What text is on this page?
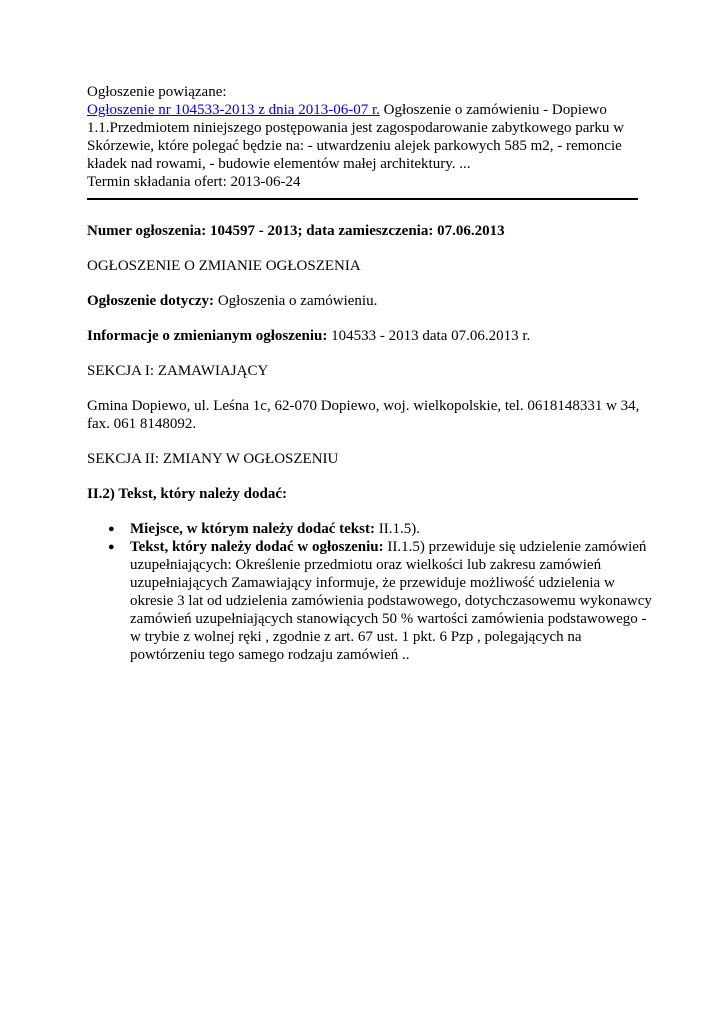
Ogłoszenie powiązane:
Ogłoszenie nr 104533-2013 z dnia 2013-06-07 r. Ogłoszenie o zamówieniu - Dopiewo
1.1.Przedmiotem niniejszego postępowania jest zagospodarowanie zabytkowego parku w
Skórzewie, które polegać będzie na: - utwardzeniu alejek parkowych 585 m2, - remoncie
kładek nad rowami, - budowie elementów małej architektury. ...
Termin składania ofert: 2013-06-24
Numer ogłoszenia: 104597 - 2013; data zamieszczenia: 07.06.2013
OGŁOSZENIE O ZMIANIE OGŁOSZENIA
Ogłoszenie dotyczy: Ogłoszenia o zamówieniu.
Informacje o zmienianym ogłoszeniu: 104533 - 2013 data 07.06.2013 r.
SEKCJA I: ZAMAWIAJĄCY
Gmina Dopiewo, ul. Leśna 1c, 62-070 Dopiewo, woj. wielkopolskie, tel. 0618148331 w 34,
fax. 061 8148092.
SEKCJA II: ZMIANY W OGŁOSZENIU
II.2) Tekst, który należy dodać:
● Miejsce, w którym należy dodać tekst: II.1.5).
● Tekst, który należy dodać w ogłoszeniu: II.1.5) przewiduje się udzielenie zamówień
uzupełniających: Określenie przedmiotu oraz wielkości lub zakresu zamówień
uzupełniających Zamawiający informuje, że przewiduje możliwość udzielenia w
okresie 3 lat od udzielenia zamówienia podstawowego, dotychczasowemu wykonawcy
zamówień uzupełniających stanowiących 50 % wartości zamówienia podstawowego -
w trybie z wolnej ręki , zgodnie z art. 67 ust. 1 pkt. 6 Pzp , polegających na
powtórzeniu tego samego rodzaju zamówień ..
